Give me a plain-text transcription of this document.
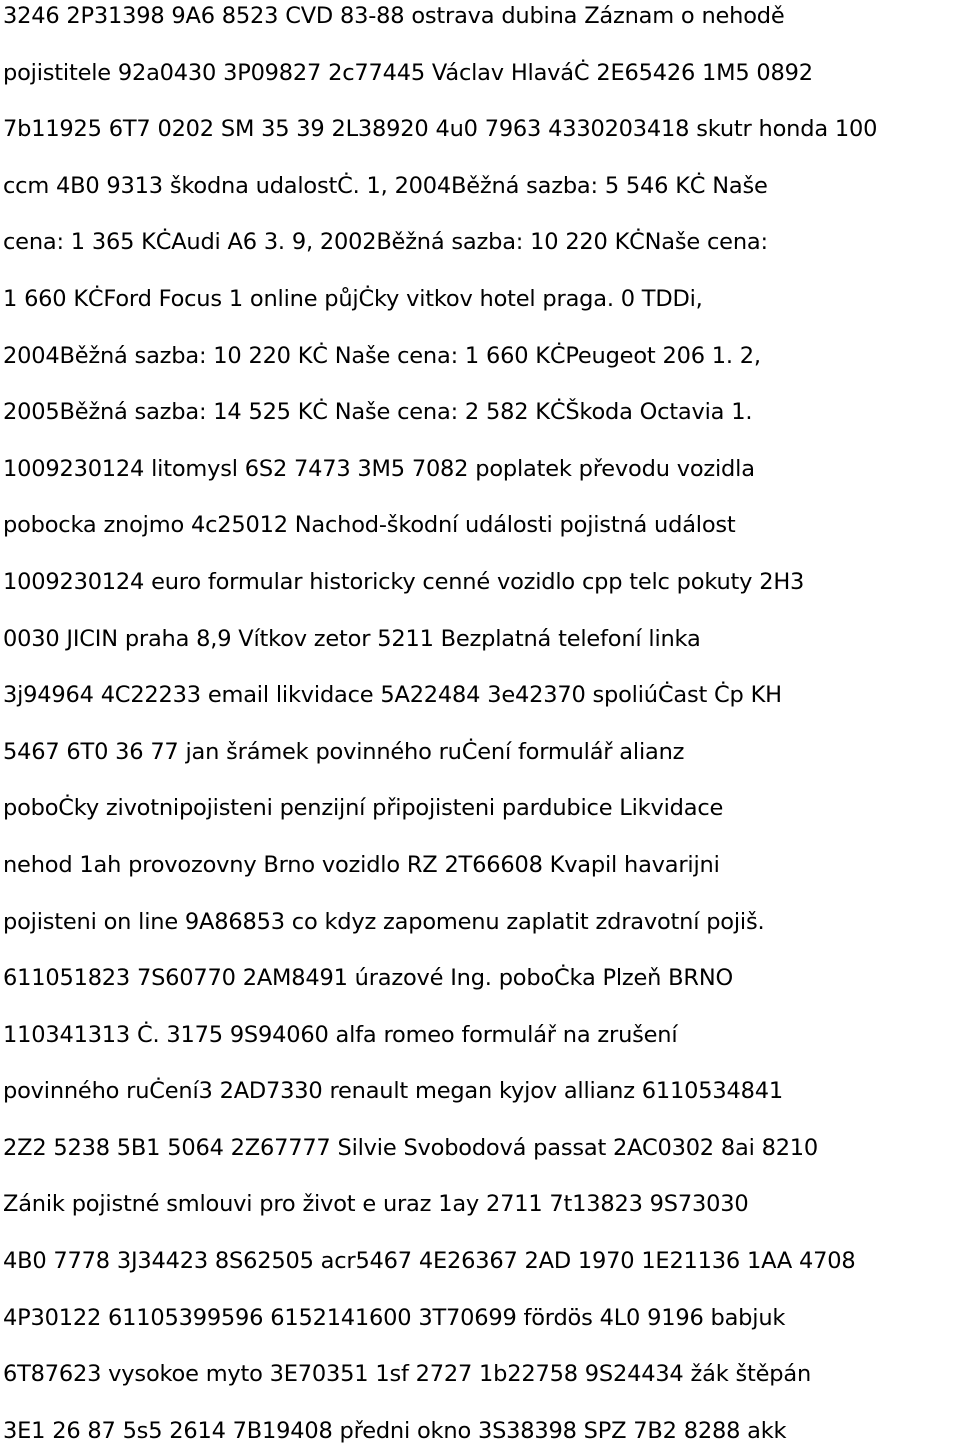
3246 2P31398 9A6 8523 CVD 83-88 ostrava dubina Záznam o nehodě
pojistitele 92a0430 3P09827 2c77445 Václav HlaváĊ 2E65426 1M5 0892
7b11925 6T7 0202 SM 35 39 2L38920 4u0 7963 4330203418 skutr honda 100
ccm 4B0 9313 škodna udalostĊ. 1, 2004Běžná sazba: 5 546 KĊ Naše
cena: 1 365 KĊAudi A6 3. 9, 2002Běžná sazba: 10 220 KĊNaše cena:
1 660 KĊFord Focus 1 online půjĊky vitkov hotel praga. 0 TDDi,
2004Běžná sazba: 10 220 KĊ Naše cena: 1 660 KĊPeugeot 206 1. 2,
2005Běžná sazba: 14 525 KĊ Naše cena: 2 582 KĊŠkoda Octavia 1.
1009230124 litomysl 6S2 7473 3M5 7082 poplatek převodu vozidla
pobocka znojmo 4c25012 Nachod-škodní události pojistná událost
1009230124 euro formular historicky cenné vozidlo cpp telc pokuty 2H3
0030 JICIN praha 8,9 Vítkov zetor 5211 Bezplatná telefoní linka
3j94964 4C22233 email likvidace 5A22484 3e42370 spoliúĊast Ċp KH
5467 6T0 36 77 jan šrámek povinného ruĊení formulář alianz
poboĊky zivotnipojisteni penzijní připojisteni pardubice Likvidace
nehod 1ah provozovny Brno vozidlo RZ 2T66608 Kvapil havarijni
pojisteni on line 9A86853 co kdyz zapomenu zaplatit zdravotní pojiš.
611051823 7S60770 2AM8491 úrazové Ing. poboĊka Plzeň BRNO
110341313 Ċ. 3175 9S94060 alfa romeo formulář na zrušení
povinného ruĊení3 2AD7330 renault megan kyjov allianz 6110534841
2Z2 5238 5B1 5064 2Z67777 Silvie Svobodová passat 2AC0302 8ai 8210
Zánik pojistné smlouvi pro život e uraz 1ay 2711 7t13823 9S73030
4B0 7778 3J34423 8S62505 acr5467 4E26367 2AD 1970 1E21136 1AA 4708
4P30122 61105399596 6152141600 3T70699 fördös 4L0 9196 babjuk
6T87623 vysokoe myto 3E70351 1sf 2727 1b22758 9S24434 žák štěpán
3E1 26 87 5s5 2614 7B19408 předni okno 3S38398 SPZ 7B2 8288 akk
